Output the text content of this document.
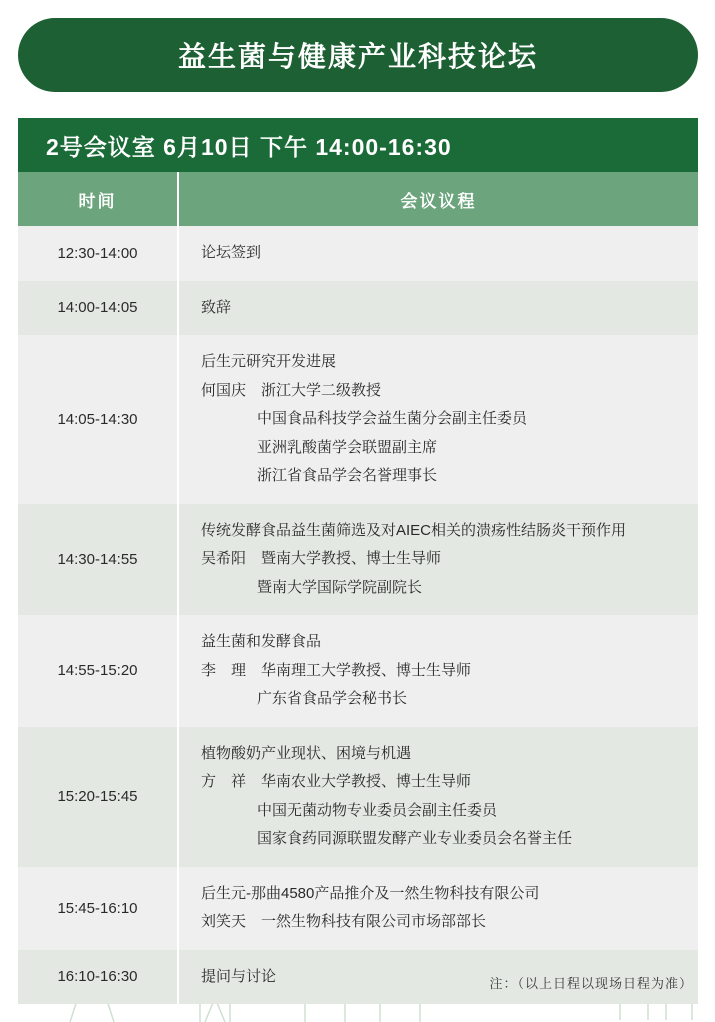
益生菌与健康产业科技论坛
2号会议室 6月10日 下午 14:00-16:30
时间	会议议程
12:30-14:00	论坛签到

14:00-14:05	致辞

14:05-14:30	后生元研究开发进展
何国庆　浙江大学二级教授
中国食品科技学会益生菌分会副主任委员
亚洲乳酸菌学会联盟副主席
浙江省食品学会名誉理事长

14:30-14:55	传统发酵食品益生菌筛选及对AIEC相关的溃疡性结肠炎干预作用
吴希阳　暨南大学教授、博士生导师
暨南大学国际学院副院长

14:55-15:20	益生菌和发酵食品
李　理　华南理工大学教授、博士生导师
广东省食品学会秘书长

15:20-15:45	植物酸奶产业现状、困境与机遇
方　祥　华南农业大学教授、博士生导师
中国无菌动物专业委员会副主任委员
国家食药同源联盟发酵产业专业委员会名誉主任

15:45-16:10	后生元-那曲4580产品推介及一然生物科技有限公司
刘笑天　一然生物科技有限公司市场部部长

16:10-16:30	提问与讨论	注：（以上日程以现场日程为准）
